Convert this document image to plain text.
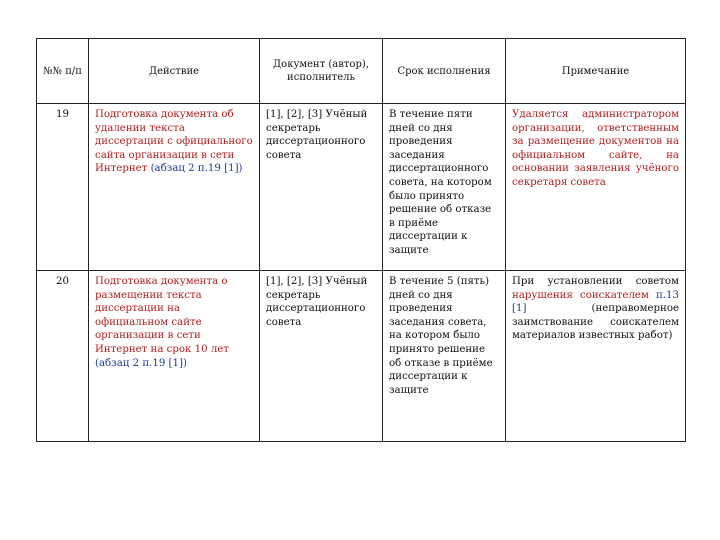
№№ п/п	Действие	Документ (автор), исполнитель	Срок исполнения	Примечание
19	Подготовка документа об удалении текста диссертации с официального сайта организации в сети Интернет (абзац 2 п.19 [1])	[1], [2], [3] Учёный секретарь диссертационного совета	В течение пяти дней со дня проведения заседания диссертационного совета, на котором было принято решение об отказе в приёме диссертации к защите	Удаляется администратором организации, ответственным за размещение документов на официальном сайте, на основании заявления учёного секретаря совета
20	Подготовка документа о размещении текста диссертации на официальном сайте организации в сети Интернет на срок 10 лет (абзац 2 п.19 [1])	[1], [2], [3] Учёный секретарь диссертационного совета	В течение 5 (пять) дней со дня проведения заседания совета, на котором было принято решение об отказе в приёме диссертации к защите	При установлении советом нарушения соискателем п.13 [1] (неправомерное заимствование соискателем материалов известных работ)
